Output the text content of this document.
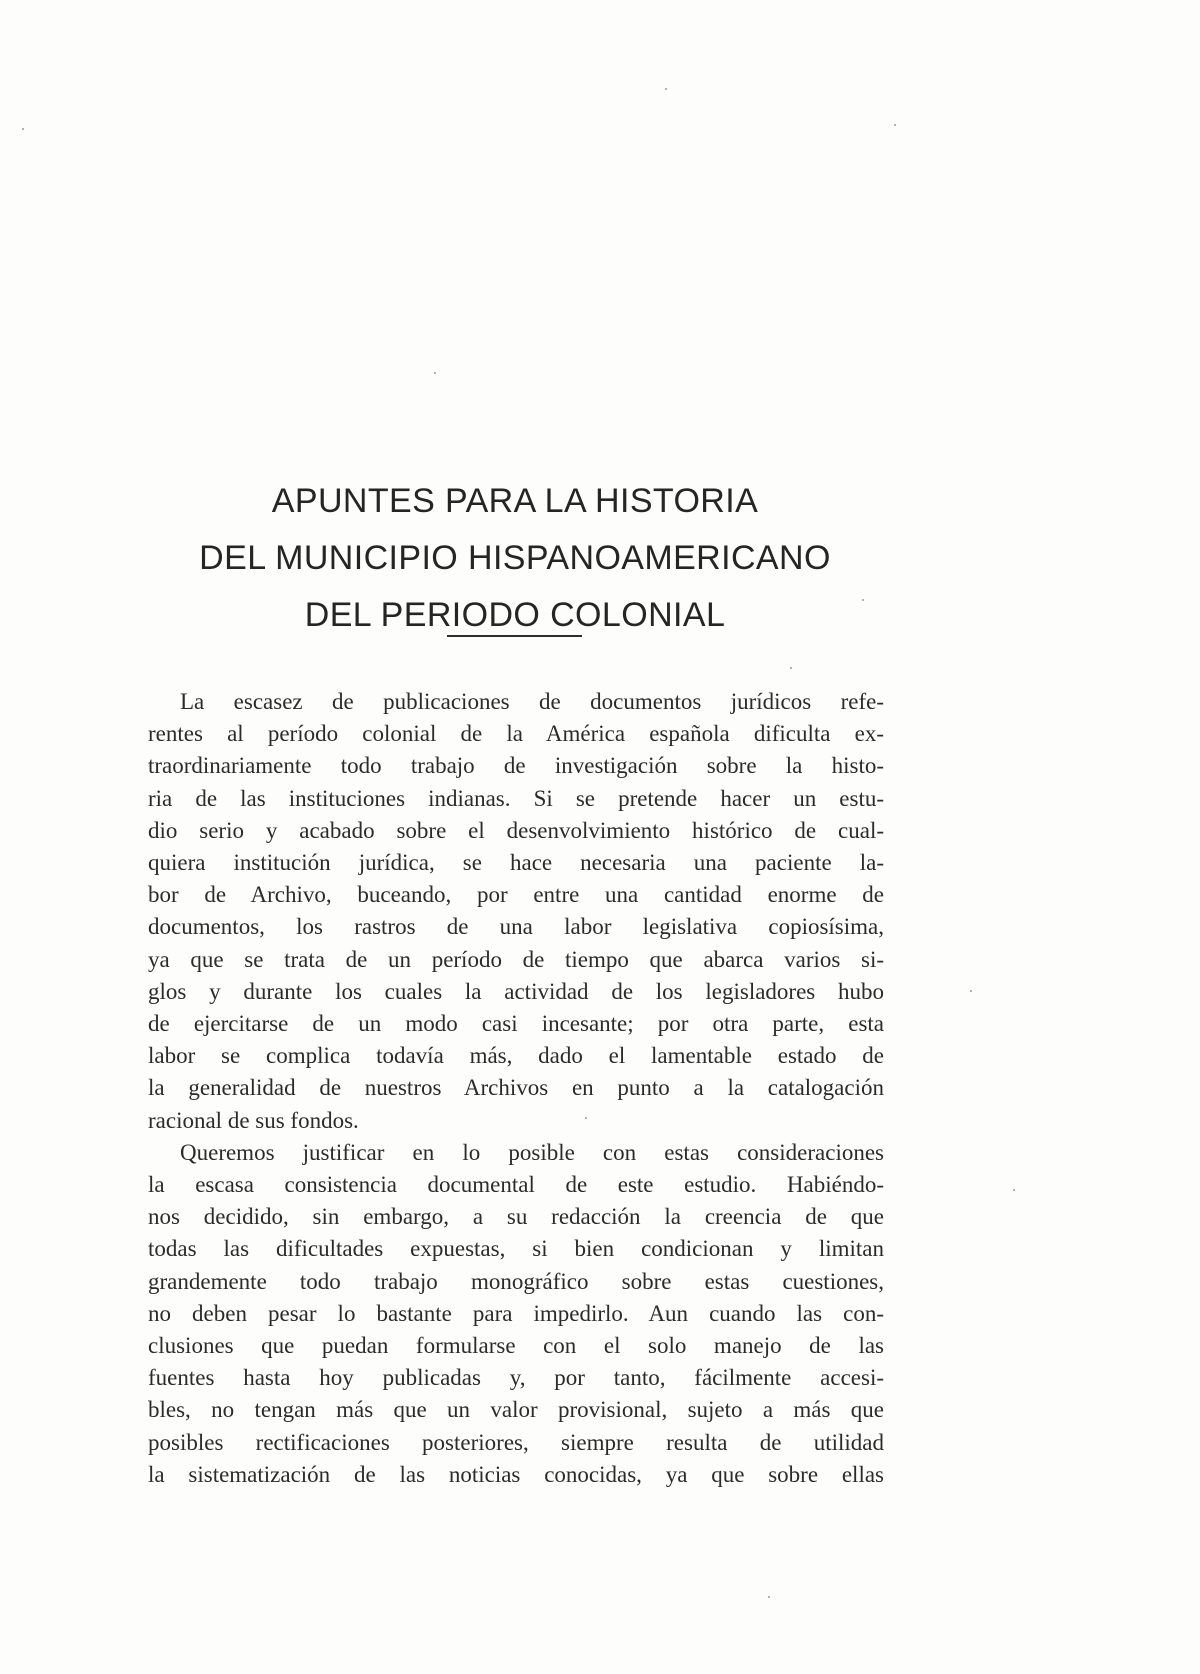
APUNTES PARA LA HISTORIA
DEL MUNICIPIO HISPANOAMERICANO
DEL PERIODO COLONIAL
La escasez de publicaciones de documentos jurídicos refe-
rentes al período colonial de la América española dificulta ex-
traordinariamente todo trabajo de investigación sobre la histo-
ria de las instituciones indianas. Si se pretende hacer un estu-
dio serio y acabado sobre el desenvolvimiento histórico de cual-
quiera institución jurídica, se hace necesaria una paciente la-
bor de Archivo, buceando, por entre una cantidad enorme de
documentos, los rastros de una labor legislativa copiosísima,
ya que se trata de un período de tiempo que abarca varios si-
glos y durante los cuales la actividad de los legisladores hubo
de ejercitarse de un modo casi incesante; por otra parte, esta
labor se complica todavía más, dado el lamentable estado de
la generalidad de nuestros Archivos en punto a la catalogación
racional de sus fondos.
Queremos justificar en lo posible con estas consideraciones
la escasa consistencia documental de este estudio. Habiéndo-
nos decidido, sin embargo, a su redacción la creencia de que
todas las dificultades expuestas, si bien condicionan y limitan
grandemente todo trabajo monográfico sobre estas cuestiones,
no deben pesar lo bastante para impedirlo. Aun cuando las con-
clusiones que puedan formularse con el solo manejo de las
fuentes hasta hoy publicadas y, por tanto, fácilmente accesi-
bles, no tengan más que un valor provisional, sujeto a más que
posibles rectificaciones posteriores, siempre resulta de utilidad
la sistematización de las noticias conocidas, ya que sobre ellas
